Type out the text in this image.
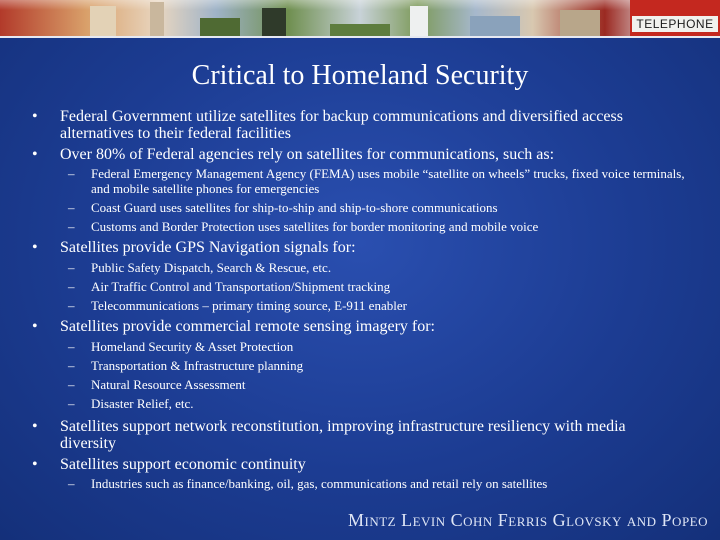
TELEPHONE
Critical to Homeland Security
•	Federal Government utilize satellites for backup communications and diversified access alternatives to their federal facilities
•	Over 80% of Federal agencies rely on satellites for communications, such as:
–	Federal Emergency Management Agency (FEMA) uses mobile “satellite on wheels” trucks, fixed voice terminals, and mobile satellite phones for emergencies
–	Coast Guard uses satellites for ship-to-ship and ship-to-shore communications
–	Customs and Border Protection uses satellites for border monitoring and mobile voice
•	Satellites provide GPS Navigation signals for:
–	Public Safety Dispatch, Search & Rescue, etc.
–	Air Traffic Control and Transportation/Shipment tracking
–	Telecommunications – primary timing source, E-911 enabler
•	Satellites provide commercial remote sensing imagery for:
–	Homeland Security & Asset Protection
–	Transportation & Infrastructure planning
–	Natural Resource Assessment
–	Disaster Relief, etc.
•	Satellites support network reconstitution, improving infrastructure resiliency with media diversity
•	Satellites support economic continuity
–	Industries such as finance/banking, oil, gas, communications and retail rely on satellites
Mintz Levin Cohn Ferris Glovsky and Popeo
